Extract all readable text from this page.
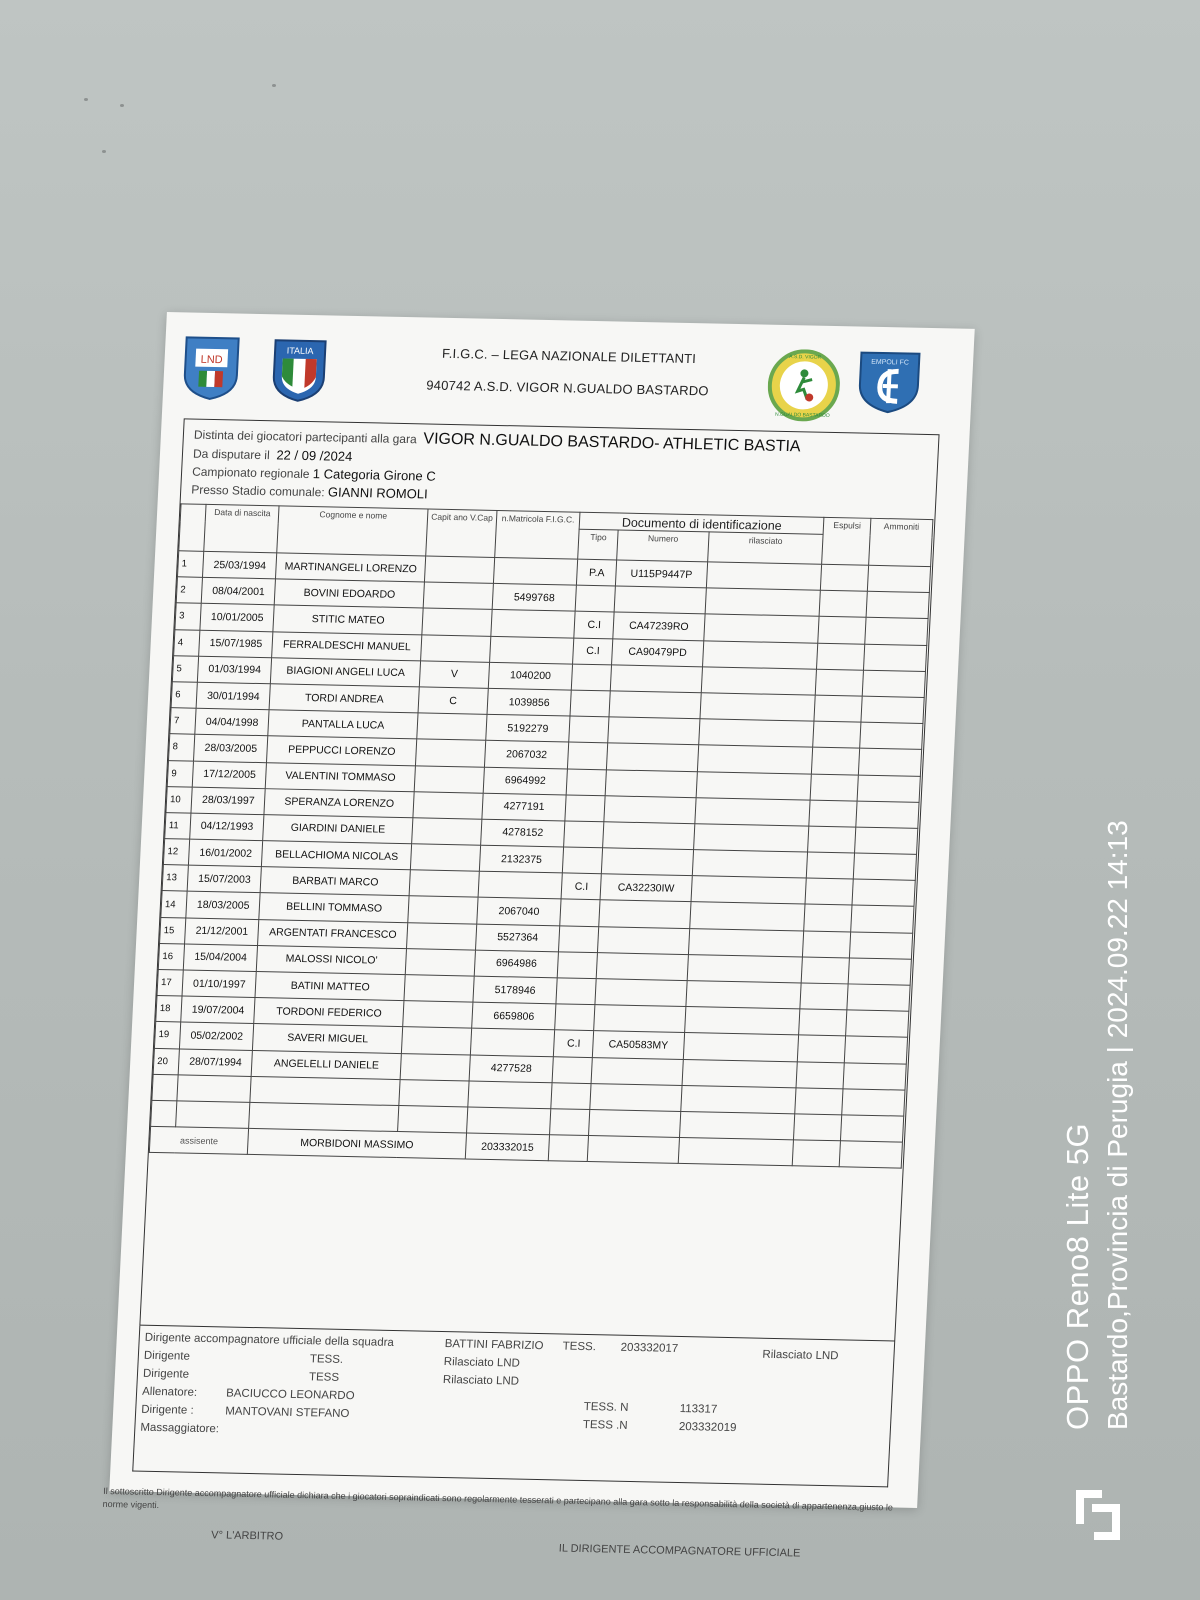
LND
ITALIA
A.S.D. VIGOR
N.GUALDO BASTARDO
EMPOLI FC
F.I.G.C. – LEGA NAZIONALE DILETTANTI
940742 A.S.D. VIGOR N.GUALDO BASTARDO
Distinta dei giocatori partecipanti alla gara VIGOR N.GUALDO BASTARDO- ATHLETIC BASTIA
Da disputare il 22 / 09 /2024
Campionato regionale 1 Categoria Girone C
Presso Stadio comunale: GIANNI ROMOLI
	Data di nascita	Cognome e nome	Capit ano V.Cap	n.Matricola F.I.G.C.	Documento di identificazione			Espulsi	Ammoniti
					Tipo	Numero	rilasciato		
1	25/03/1994	MARTINANGELI LORENZO			P.A	U115P9447P			
2	08/04/2001	BOVINI EDOARDO		5499768					
3	10/01/2005	STITIC MATEO			C.I	CA47239RO			
4	15/07/1985	FERRALDESCHI MANUEL			C.I	CA90479PD			
5	01/03/1994	BIAGIONI ANGELI LUCA	V	1040200					
6	30/01/1994	TORDI ANDREA	C	1039856					
7	04/04/1998	PANTALLA LUCA		5192279					
8	28/03/2005	PEPPUCCI LORENZO		2067032					
9	17/12/2005	VALENTINI TOMMASO		6964992					
10	28/03/1997	SPERANZA LORENZO		4277191					
11	04/12/1993	GIARDINI DANIELE		4278152					
12	16/01/2002	BELLACHIOMA NICOLAS		2132375					
13	15/07/2003	BARBATI MARCO			C.I	CA32230IW			
14	18/03/2005	BELLINI TOMMASO		2067040					
15	21/12/2001	ARGENTATI FRANCESCO		5527364					
16	15/04/2004	MALOSSI NICOLO'		6964986					
17	01/10/1997	BATINI MATTEO		5178946					
18	19/07/2004	TORDONI FEDERICO		6659806					
19	05/02/2002	SAVERI MIGUEL			C.I	CA50583MY			
20	28/07/1994	ANGELELLI DANIELE		4277528					

assisente		MORBIDONI MASSIMO		203332015					
Dirigente accompagnatore ufficiale della squadra	BATTINI FABRIZIO TESS. 203332017
Rilasciato LND
Dirigente	TESS.	Rilasciato LND
Dirigente	TESS	Rilasciato LND
Allenatore: BACIUCCO LEONARDO
TESS. N	113317
Dirigente :	MANTOVANI STEFANO
TESS .N	203332019
Massaggiatore:
Il sottoscritto Dirigente accompagnatore ufficiale dichiara che i giocatori sopraindicati sono regolarmente tesserati e partecipano alla gara sotto la responsabilità della società di appartenenza,giusto le norme vigenti.
V° L'ARBITRO
IL DIRIGENTE ACCOMPAGNATORE UFFICIALE
OPPO Reno8 Lite 5G Bastardo,Provincia di Perugia | 2024.09.22 14:13
